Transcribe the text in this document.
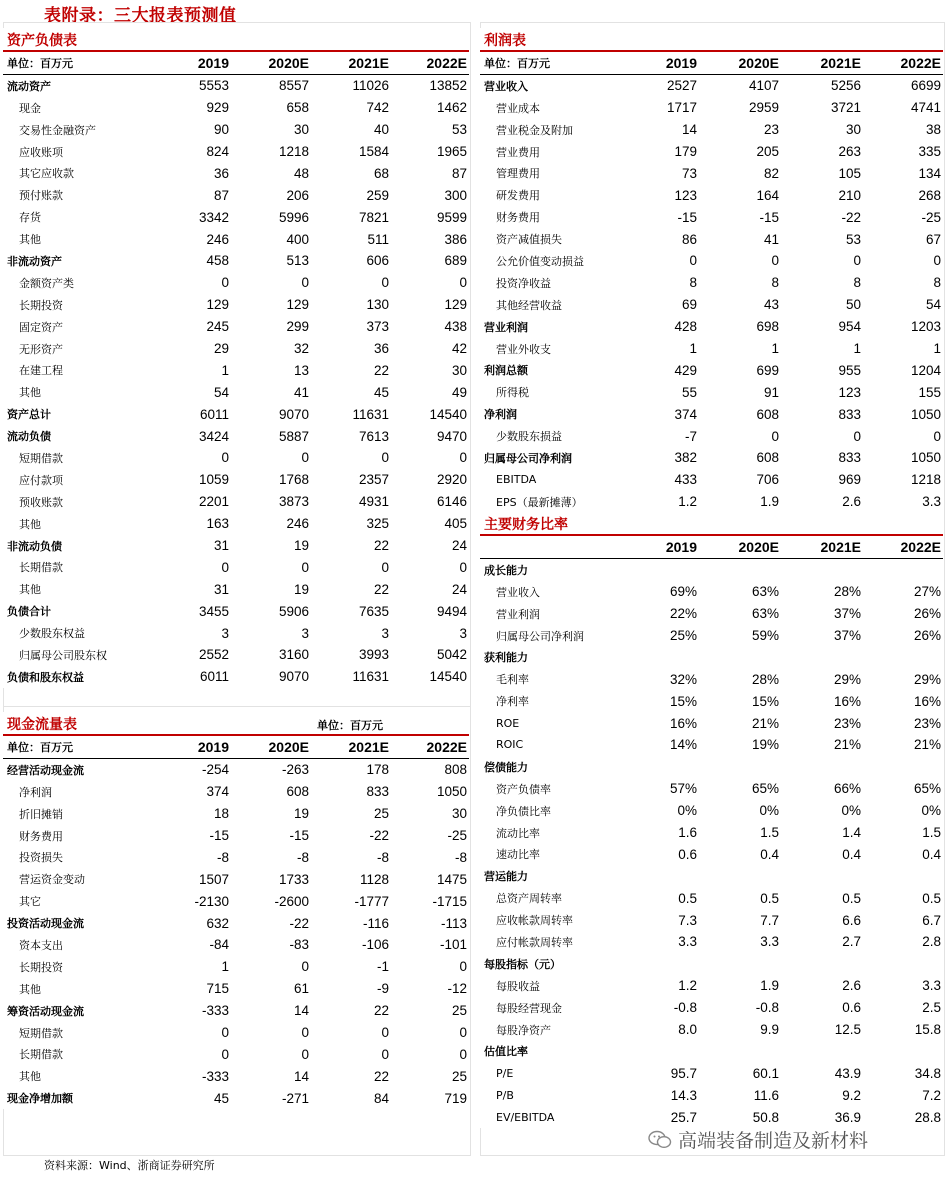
表附录：三大报表预测值
资产负债表
单位：百万元	2019	2020E	2021E	2022E
流动资产	5553	8557	11026	13852
现金	929	658	742	1462
交易性金融资产	90	30	40	53
应收账项	824	1218	1584	1965
其它应收款	36	48	68	87
预付账款	87	206	259	300
存货	3342	5996	7821	9599
其他	246	400	511	386
非流动资产	458	513	606	689
金额资产类	0	0	0	0
长期投资	129	129	130	129
固定资产	245	299	373	438
无形资产	29	32	36	42
在建工程	1	13	22	30
其他	54	41	45	49
资产总计	6011	9070	11631	14540
流动负债	3424	5887	7613	9470
短期借款	0	0	0	0
应付款项	1059	1768	2357	2920
预收账款	2201	3873	4931	6146
其他	163	246	325	405
非流动负债	31	19	22	24
长期借款	0	0	0	0
其他	31	19	22	24
负债合计	3455	5906	7635	9494
少数股东权益	3	3	3	3
归属母公司股东权	2552	3160	3993	5042
负债和股东权益	6011	9070	11631	14540
现金流量表	单位：百万元
单位：百万元	2019	2020E	2021E	2022E
经营活动现金流	-254	-263	178	808
净利润	374	608	833	1050
折旧摊销	18	19	25	30
财务费用	-15	-15	-22	-25
投资损失	-8	-8	-8	-8
营运资金变动	1507	1733	1128	1475
其它	-2130	-2600	-1777	-1715
投资活动现金流	632	-22	-116	-113
资本支出	-84	-83	-106	-101
长期投资	1	0	-1	0
其他	715	61	-9	-12
筹资活动现金流	-333	14	22	25
短期借款	0	0	0	0
长期借款	0	0	0	0
其他	-333	14	22	25
现金净增加额	45	-271	84	719
利润表
单位：百万元	2019	2020E	2021E	2022E
营业收入	2527	4107	5256	6699
营业成本	1717	2959	3721	4741
营业税金及附加	14	23	30	38
营业费用	179	205	263	335
管理费用	73	82	105	134
研发费用	123	164	210	268
财务费用	-15	-15	-22	-25
资产减值损失	86	41	53	67
公允价值变动损益	0	0	0	0
投资净收益	8	8	8	8
其他经营收益	69	43	50	54
营业利润	428	698	954	1203
营业外收支	1	1	1	1
利润总额	429	699	955	1204
所得税	55	91	123	155
净利润	374	608	833	1050
少数股东损益	-7	0	0	0
归属母公司净利润	382	608	833	1050
EBITDA	433	706	969	1218
EPS（最新摊薄）	1.2	1.9	2.6	3.3
主要财务比率
	2019	2020E	2021E	2022E
成长能力				
营业收入	69%	63%	28%	27%
营业利润	22%	63%	37%	26%
归属母公司净利润	25%	59%	37%	26%
获利能力				
毛利率	32%	28%	29%	29%
净利率	15%	15%	16%	16%
ROE	16%	21%	23%	23%
ROIC	14%	19%	21%	21%
偿债能力				
资产负债率	57%	65%	66%	65%
净负债比率	0%	0%	0%	0%
流动比率	1.6	1.5	1.4	1.5
速动比率	0.6	0.4	0.4	0.4
营运能力				
总资产周转率	0.5	0.5	0.5	0.5
应收帐款周转率	7.3	7.7	6.6	6.7
应付帐款周转率	3.3	3.3	2.7	2.8
每股指标（元）				
每股收益	1.2	1.9	2.6	3.3
每股经营现金	-0.8	-0.8	0.6	2.5
每股净资产	8.0	9.9	12.5	15.8
估值比率				
P/E	95.7	60.1	43.9	34.8
P/B	14.3	11.6	9.2	7.2
EV/EBITDA	25.7	50.8	36.9	28.8
高端装备制造及新材料
资料来源：Wind、浙商证券研究所
